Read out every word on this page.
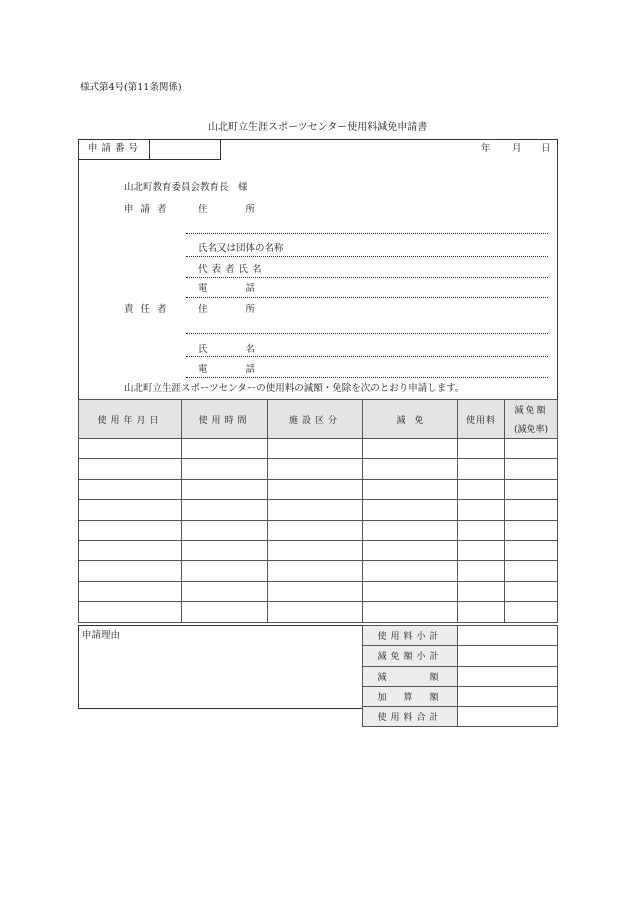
様式第4号(第11条関係)
山北町立生涯スポーツセンター使用料減免申請書
申請番号	年 月 日
山北町教育委員会教育長　様
申請者	住　　　　所
氏名又は団体の名称
代表者氏名
電　　　　話
責任者	住　　　　所
氏　　　　名
電　　　　話
山北町立生涯スポーツセンターの使用料の減額・免除を次のとおり申請します。
使用年月日	使用時間	施設区分	減　免	使用料	減免額
(減免率)

申請理由	使用料小計	
減免額小計	
減　　　額	
加　算　額	
使用料合計	
